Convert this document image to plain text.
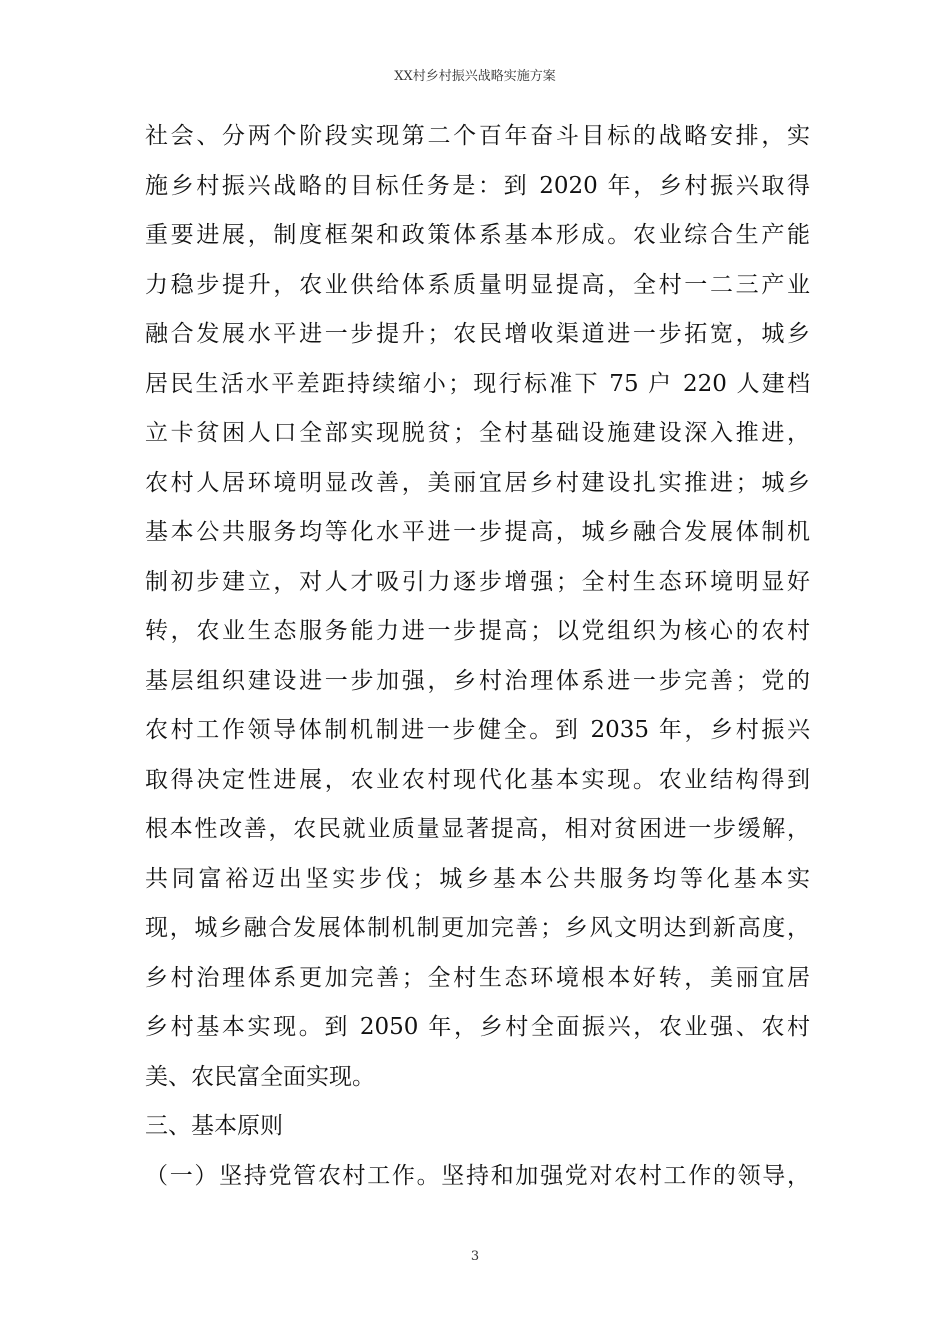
XX村乡村振兴战略实施方案
社会、分两个阶段实现第二个百年奋斗目标的战略安排，实
施乡村振兴战略的目标任务是：到 2020 年，乡村振兴取得
重要进展，制度框架和政策体系基本形成。农业综合生产能
力稳步提升，农业供给体系质量明显提高，全村一二三产业
融合发展水平进一步提升；农民增收渠道进一步拓宽，城乡
居民生活水平差距持续缩小；现行标准下 75 户 220 人建档
立卡贫困人口全部实现脱贫；全村基础设施建设深入推进，
农村人居环境明显改善，美丽宜居乡村建设扎实推进；城乡
基本公共服务均等化水平进一步提高，城乡融合发展体制机
制初步建立，对人才吸引力逐步增强；全村生态环境明显好
转，农业生态服务能力进一步提高；以党组织为核心的农村
基层组织建设进一步加强，乡村治理体系进一步完善；党的
农村工作领导体制机制进一步健全。到 2035 年，乡村振兴
取得决定性进展，农业农村现代化基本实现。农业结构得到
根本性改善，农民就业质量显著提高，相对贫困进一步缓解，
共同富裕迈出坚实步伐；城乡基本公共服务均等化基本实
现，城乡融合发展体制机制更加完善；乡风文明达到新高度，
乡村治理体系更加完善；全村生态环境根本好转，美丽宜居
乡村基本实现。到 2050 年，乡村全面振兴，农业强、农村
美、农民富全面实现。
三、基本原则
（一）坚持党管农村工作。坚持和加强党对农村工作的领导，
3
